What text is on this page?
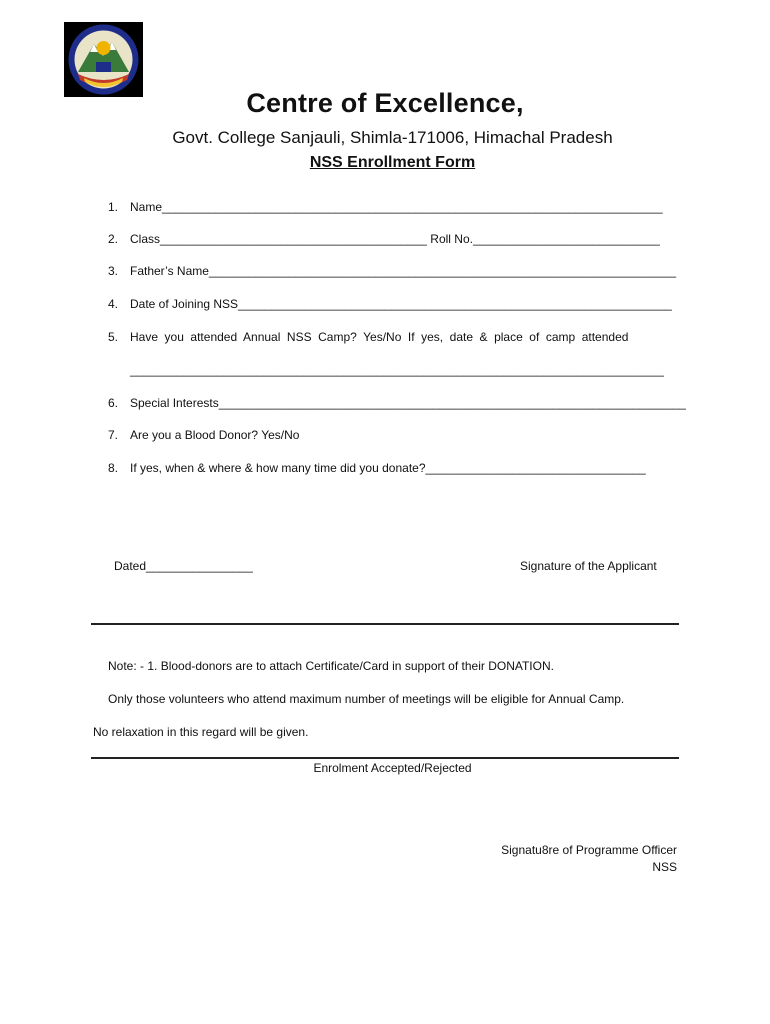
Centre of Excellence,
Govt. College Sanjauli, Shimla-171006, Himachal Pradesh
NSS Enrollment Form
1. Name___________________________________________________________________________
2. Class________________________________________ Roll No.____________________________
3. Father’s Name______________________________________________________________________
4. Date of Joining NSS_________________________________________________________________
5. Have you attended Annual NSS Camp? Yes/No If yes, date & place of camp attended
________________________________________________________________________________
6. Special Interests______________________________________________________________________
7. Are you a Blood Donor? Yes/No
8. If yes, when & where & how many time did you donate?_________________________________
Dated________________	Signature of the Applicant
Note: - 1. Blood-donors are to attach Certificate/Card in support of their DONATION.
Only those volunteers who attend maximum number of meetings will be eligible for Annual Camp.
No relaxation in this regard will be given.
Enrolment Accepted/Rejected
Signatu8re of Programme Officer
NSS
